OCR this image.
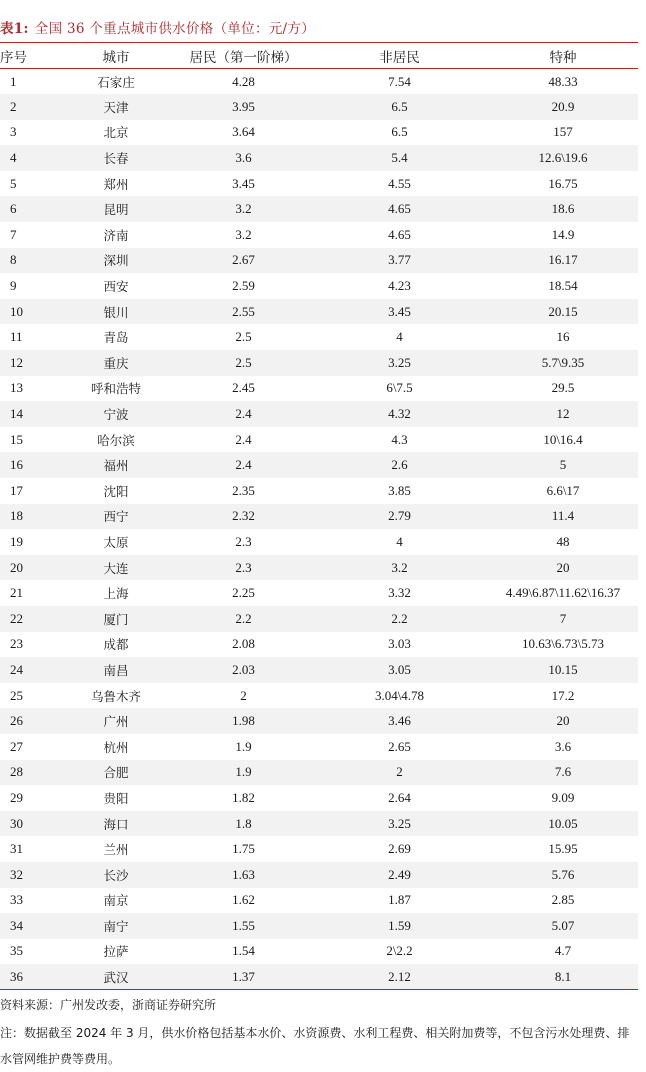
表1: 全国 36 个重点城市供水价格（单位：元/方）
序号	城市	居民（第一阶梯）	非居民	特种
1	石家庄	4.28	7.54	48.33
2	天津	3.95	6.5	20.9
3	北京	3.64	6.5	157
4	长春	3.6	5.4	12.6\19.6
5	郑州	3.45	4.55	16.75
6	昆明	3.2	4.65	18.6
7	济南	3.2	4.65	14.9
8	深圳	2.67	3.77	16.17
9	西安	2.59	4.23	18.54
10	银川	2.55	3.45	20.15
11	青岛	2.5	4	16
12	重庆	2.5	3.25	5.7\9.35
13	呼和浩特	2.45	6\7.5	29.5
14	宁波	2.4	4.32	12
15	哈尔滨	2.4	4.3	10\16.4
16	福州	2.4	2.6	5
17	沈阳	2.35	3.85	6.6\17
18	西宁	2.32	2.79	11.4
19	太原	2.3	4	48
20	大连	2.3	3.2	20
21	上海	2.25	3.32	4.49\6.87\11.62\16.37
22	厦门	2.2	2.2	7
23	成都	2.08	3.03	10.63\6.73\5.73
24	南昌	2.03	3.05	10.15
25	乌鲁木齐	2	3.04\4.78	17.2
26	广州	1.98	3.46	20
27	杭州	1.9	2.65	3.6
28	合肥	1.9	2	7.6
29	贵阳	1.82	2.64	9.09
30	海口	1.8	3.25	10.05
31	兰州	1.75	2.69	15.95
32	长沙	1.63	2.49	5.76
33	南京	1.62	1.87	2.85
34	南宁	1.55	1.59	5.07
35	拉萨	1.54	2\2.2	4.7
36	武汉	1.37	2.12	8.1
资料来源：广州发改委，浙商证券研究所
注：数据截至 2024 年 3 月，供水价格包括基本水价、水资源费、水利工程费、相关附加费等，不包含污水处理费、排水管网维护费等费用。
